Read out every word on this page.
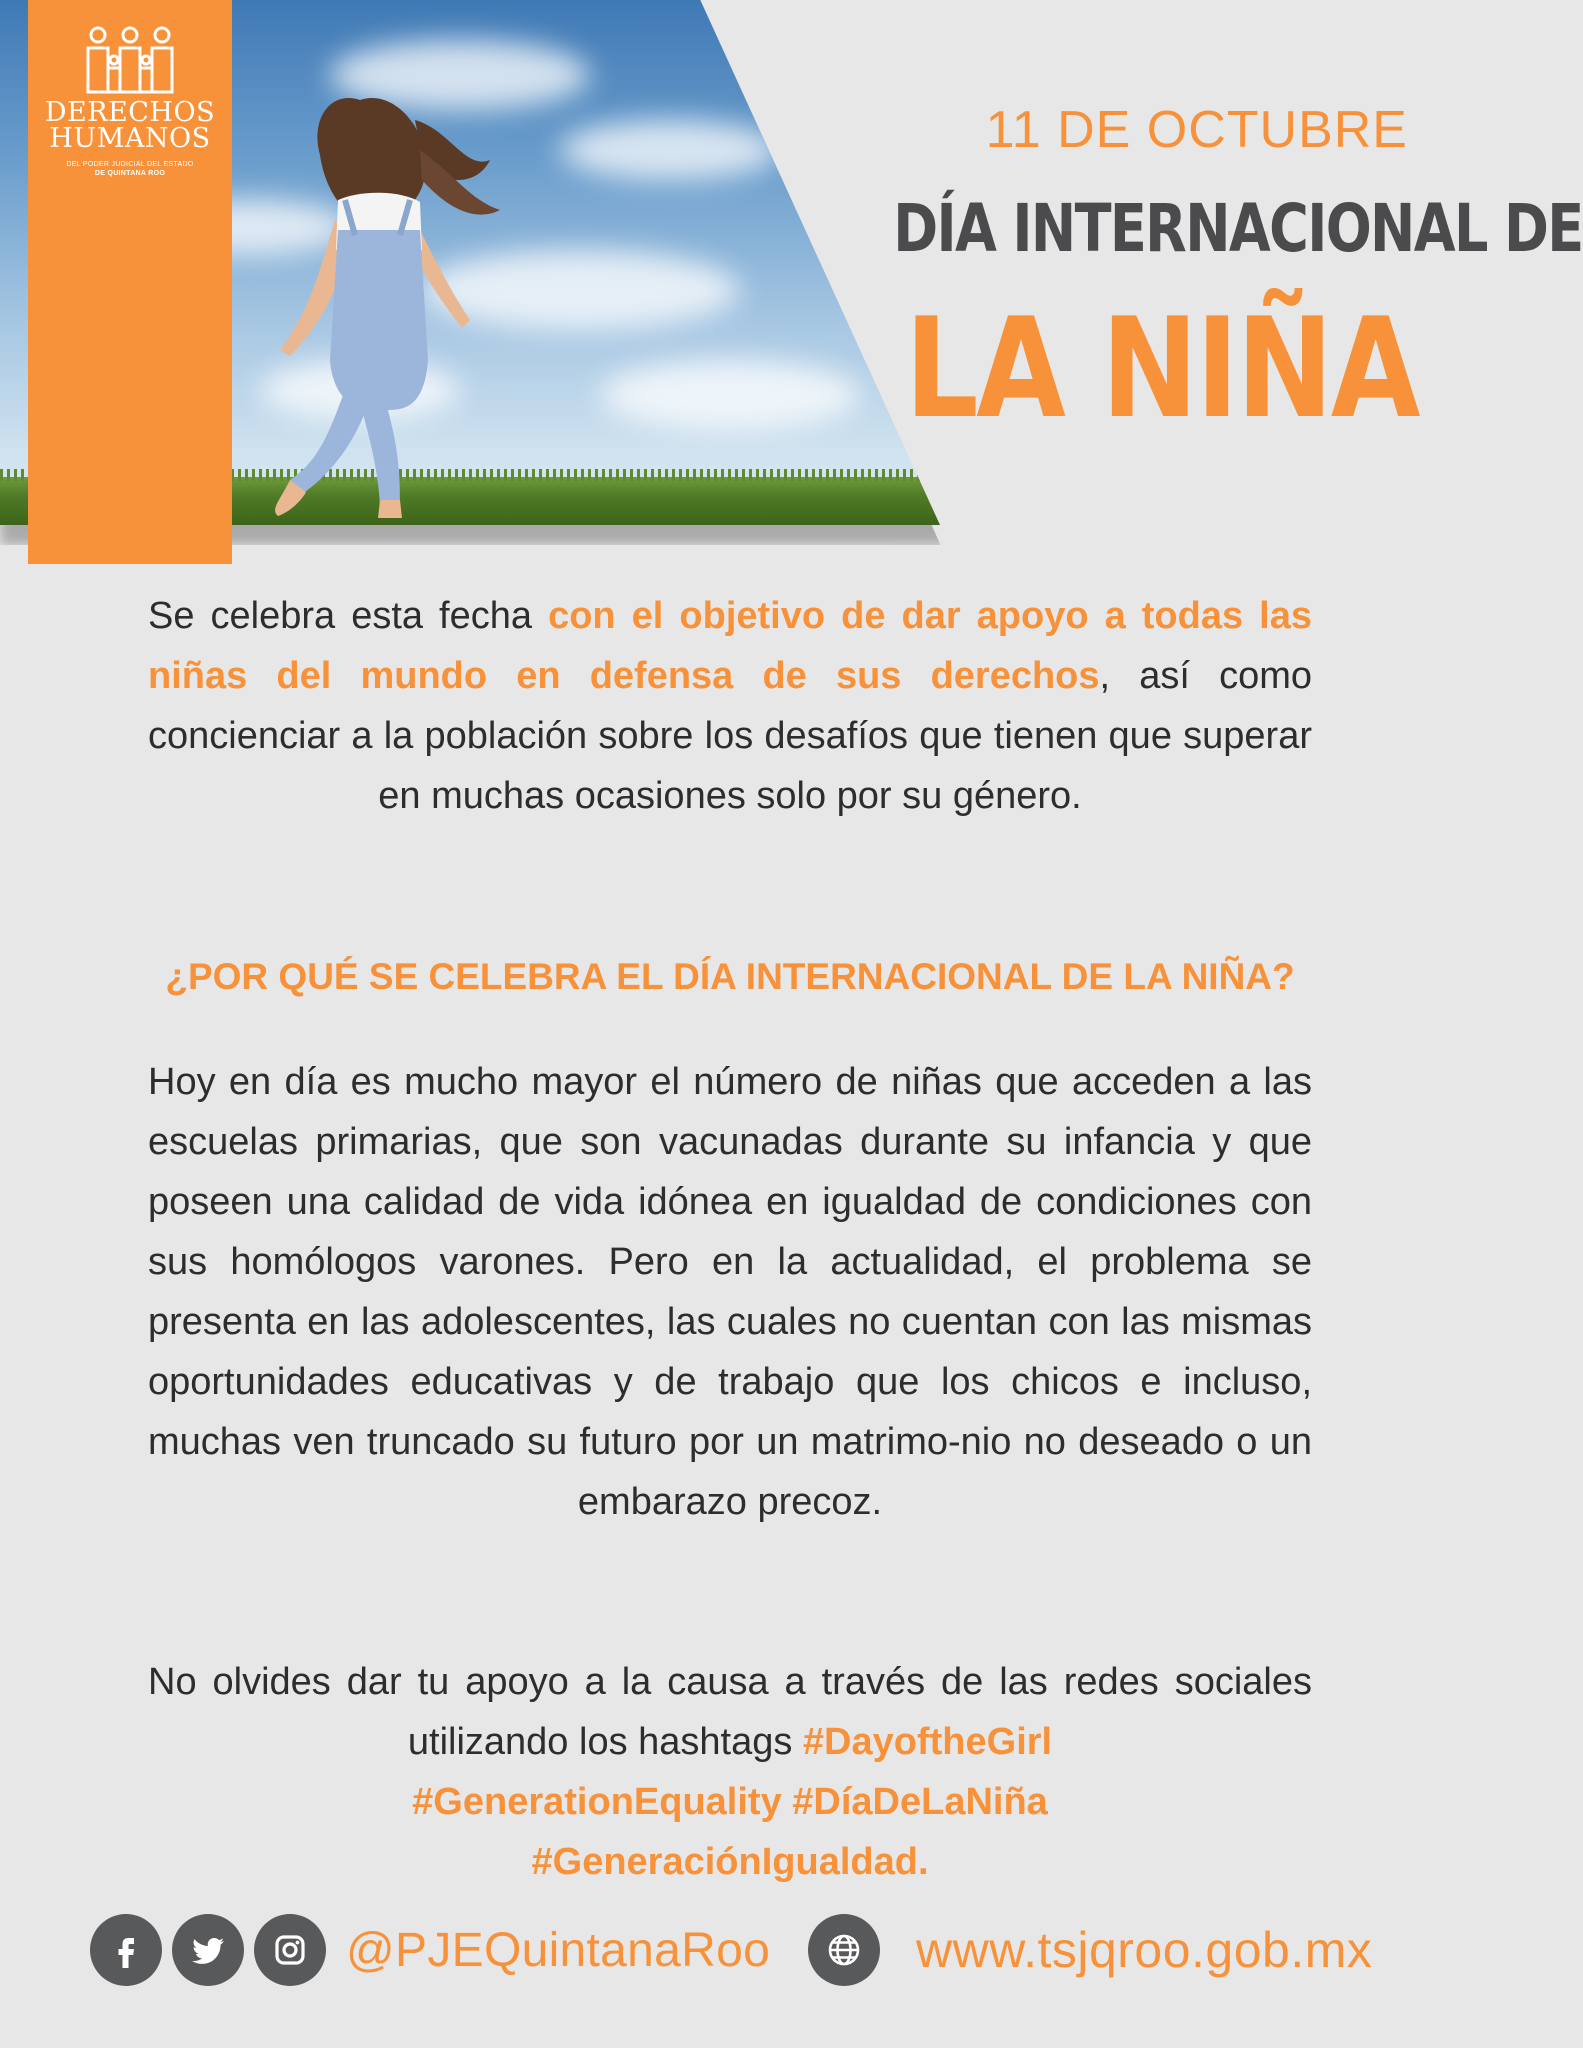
DERECHOS
HUMANOS
DEL PODER JUDICIAL DEL ESTADO
DE QUINTANA ROO
11 DE OCTUBRE
DÍA INTERNACIONAL DE
LA NIÑA
Se celebra esta fecha con el objetivo de dar apoyo a todas las niñas del mundo en defensa de sus derechos, así como concienciar a la población sobre los desafíos que tienen que superar en muchas ocasiones solo por su género.
¿POR QUÉ SE CELEBRA EL DÍA INTERNACIONAL DE LA NIÑA?
Hoy en día es mucho mayor el número de niñas que acceden a las escuelas primarias, que son vacunadas durante su infancia y que poseen una calidad de vida idónea en igualdad de condiciones con sus homólogos varones. Pero en la actualidad, el problema se presenta en las adolescentes, las cuales no cuentan con las mismas oportunidades educativas y de trabajo que los chicos e incluso, muchas ven truncado su futuro por un matrimo-nio no deseado o un embarazo precoz.
No olvides dar tu apoyo a la causa a través de las redes sociales utilizando los hashtags #DayoftheGirl
#GenerationEquality #DíaDeLaNiña
#GeneraciónIgualdad.
@PJEQuintanaRoo	www.tsjqroo.gob.mx
